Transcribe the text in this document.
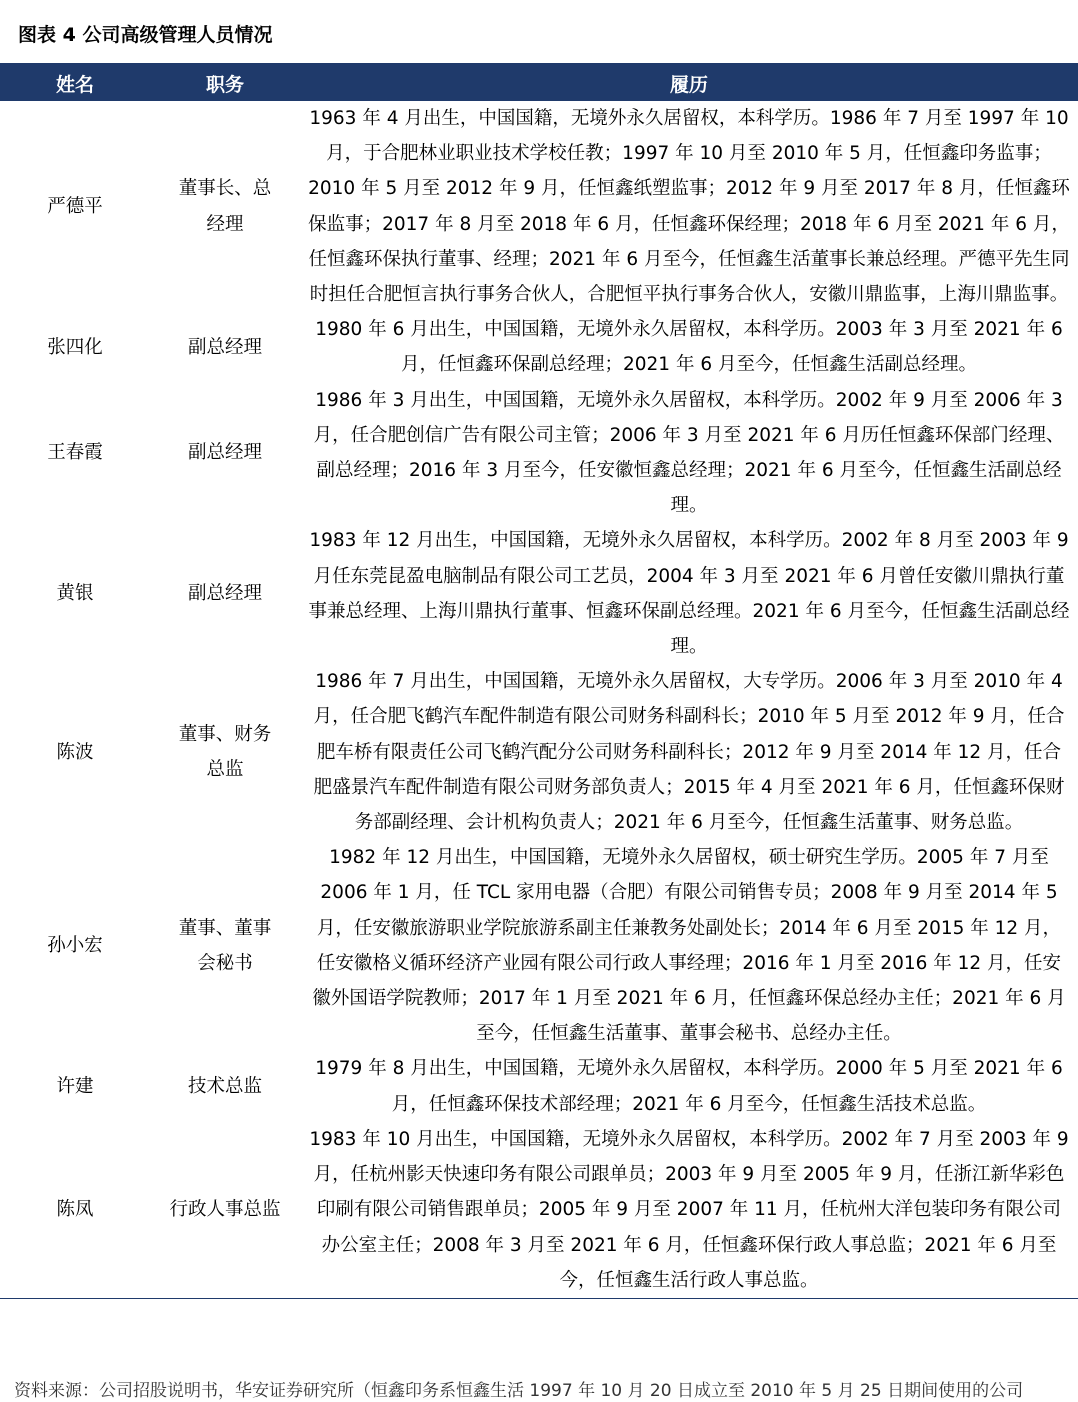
图表 4 公司高级管理人员情况
姓名	职务	履历
严德平	董事长、总经理	1963 年 4 月出生，中国国籍，无境外永久居留权，本科学历。1986 年 7 月至 1997 年 10 月，于合肥林业职业技术学校任教；1997 年 10 月至 2010 年 5 月，任恒鑫印务监事；2010 年 5 月至 2012 年 9 月，任恒鑫纸塑监事；2012 年 9 月至 2017 年 8 月，任恒鑫环保监事；2017 年 8 月至 2018 年 6 月，任恒鑫环保经理；2018 年 6 月至 2021 年 6 月，任恒鑫环保执行董事、经理；2021 年 6 月至今，任恒鑫生活董事长兼总经理。严德平先生同时担任合肥恒言执行事务合伙人，合肥恒平执行事务合伙人，安徽川鼎监事，上海川鼎监事。
张四化	副总经理	1980 年 6 月出生，中国国籍，无境外永久居留权，本科学历。2003 年 3 月至 2021 年 6 月，任恒鑫环保副总经理；2021 年 6 月至今，任恒鑫生活副总经理。
王春霞	副总经理	1986 年 3 月出生，中国国籍，无境外永久居留权，本科学历。2002 年 9 月至 2006 年 3 月，任合肥创信广告有限公司主管；2006 年 3 月至 2021 年 6 月历任恒鑫环保部门经理、副总经理；2016 年 3 月至今，任安徽恒鑫总经理；2021 年 6 月至今，任恒鑫生活副总经理。
黄银	副总经理	1983 年 12 月出生，中国国籍，无境外永久居留权，本科学历。2002 年 8 月至 2003 年 9 月任东莞昆盈电脑制品有限公司工艺员，2004 年 3 月至 2021 年 6 月曾任安徽川鼎执行董事兼总经理、上海川鼎执行董事、恒鑫环保副总经理。2021 年 6 月至今，任恒鑫生活副总经理。
陈波	董事、财务总监	1986 年 7 月出生，中国国籍，无境外永久居留权，大专学历。2006 年 3 月至 2010 年 4 月，任合肥飞鹤汽车配件制造有限公司财务科副科长；2010 年 5 月至 2012 年 9 月，任合肥车桥有限责任公司飞鹤汽配分公司财务科副科长；2012 年 9 月至 2014 年 12 月，任合肥盛景汽车配件制造有限公司财务部负责人；2015 年 4 月至 2021 年 6 月，任恒鑫环保财务部副经理、会计机构负责人；2021 年 6 月至今，任恒鑫生活董事、财务总监。
孙小宏	董事、董事会秘书	1982 年 12 月出生，中国国籍，无境外永久居留权，硕士研究生学历。2005 年 7 月至 2006 年 1 月，任 TCL 家用电器（合肥）有限公司销售专员；2008 年 9 月至 2014 年 5 月，任安徽旅游职业学院旅游系副主任兼教务处副处长；2014 年 6 月至 2015 年 12 月，任安徽格义循环经济产业园有限公司行政人事经理；2016 年 1 月至 2016 年 12 月，任安徽外国语学院教师；2017 年 1 月至 2021 年 6 月，任恒鑫环保总经办主任；2021 年 6 月至今，任恒鑫生活董事、董事会秘书、总经办主任。
许建	技术总监	1979 年 8 月出生，中国国籍，无境外永久居留权，本科学历。2000 年 5 月至 2021 年 6 月，任恒鑫环保技术部经理；2021 年 6 月至今，任恒鑫生活技术总监。
陈凤	行政人事总监	1983 年 10 月出生，中国国籍，无境外永久居留权，本科学历。2002 年 7 月至 2003 年 9 月，任杭州影天快速印务有限公司跟单员；2003 年 9 月至 2005 年 9 月，任浙江新华彩色印刷有限公司销售跟单员；2005 年 9 月至 2007 年 11 月，任杭州大洋包装印务有限公司办公室主任；2008 年 3 月至 2021 年 6 月，任恒鑫环保行政人事总监；2021 年 6 月至今，任恒鑫生活行政人事总监。
资料来源：公司招股说明书，华安证券研究所（恒鑫印务系恒鑫生活 1997 年 10 月 20 日成立至 2010 年 5 月 25 日期间使用的公司
